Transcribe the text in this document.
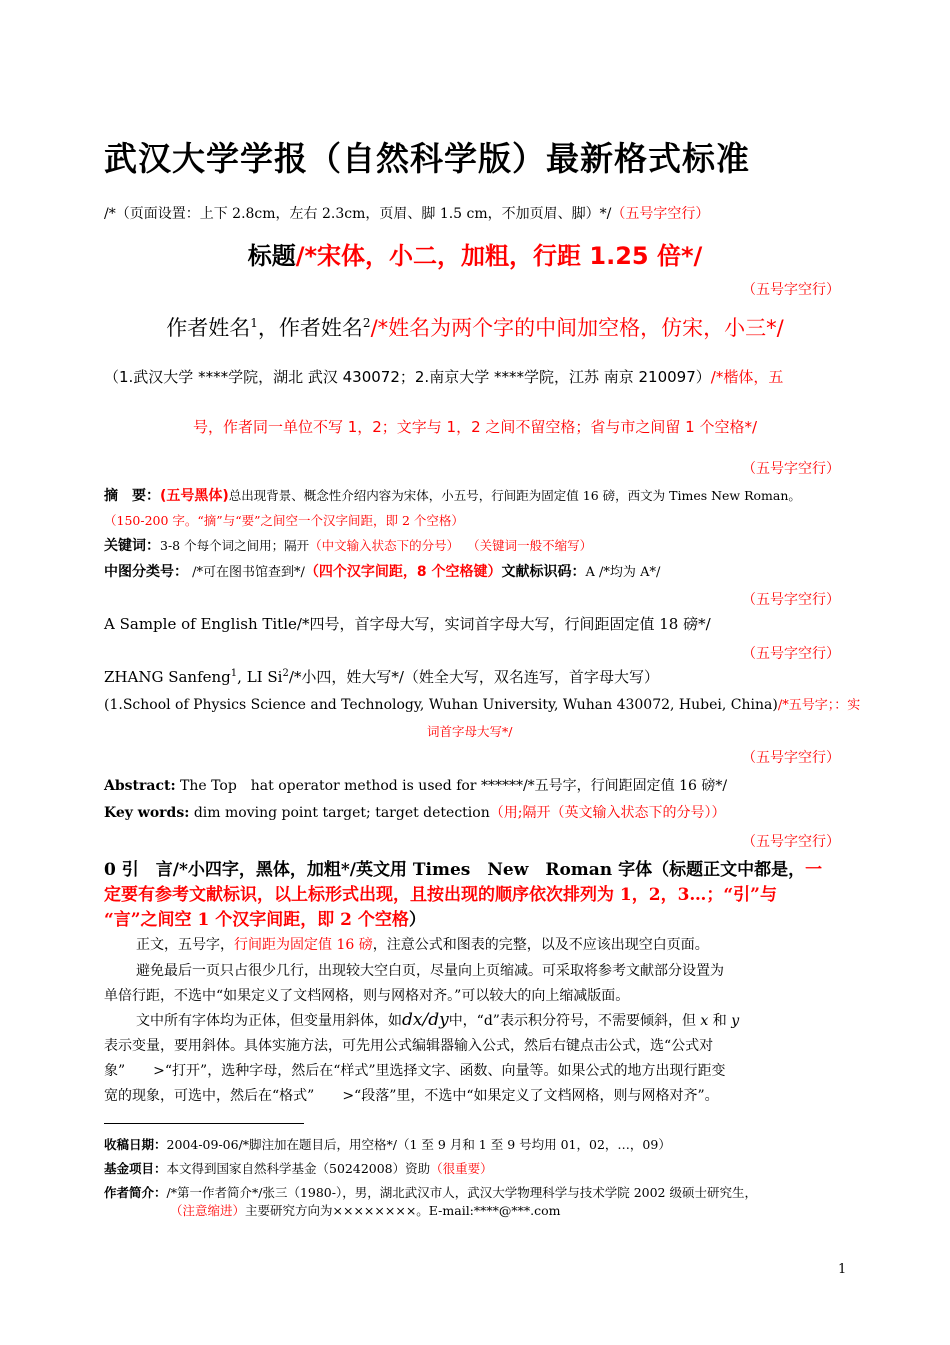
武汉大学学报（自然科学版）最新格式标准
/*（页面设置：上下 2.8cm，左右 2.3cm，页眉、脚 1.5 cm，不加页眉、脚）*/（五号字空行）
标题/*宋体，小二，加粗，行距 1.25 倍*/
（五号字空行）
作者姓名$^1$，作者姓名$^2$/*姓名为两个字的中间加空格，仿宋，小三*/
（1.武汉大学 ****学院，湖北 武汉 430072；2.南京大学 ****学院，江苏 南京 210097）/*楷体，五
号，作者同一单位不写 1，2；文字与 1，2 之间不留空格；省与市之间留 1 个空格*/
（五号字空行）
摘　要：(五号黑体)总出现背景、概念性介绍内容为宋体，小五号，行间距为固定值 16 磅，西文为 Times New Roman。
（150-200 字。“摘”与“要”之间空一个汉字间距，即 2 个空格）
关键词：3-8 个每个词之间用；隔开（中文输入状态下的分号） （关键词一般不缩写）
中图分类号： /*可在图书馆查到*/（四个汉字间距，8 个空格键）文献标识码：A /*均为 A*/
（五号字空行）
A Sample of English Title/*四号，首字母大写，实词首字母大写，行间距固定值 18 磅*/
（五号字空行）
ZHANG Sanfeng$^1$, LI Si$^2$/*小四，姓大写*/（姓全大写，双名连写，首字母大写）
(1.School of Physics Science and Technology, Wuhan University, Wuhan 430072, Hubei, China)/*五号字；：实
词首字母大写*/
（五号字空行）
Abstract: The Top　hat operator method is used for ******/*五号字，行间距固定值 16 磅*/
Key words: dim moving point target; target detection（用;隔开（英文输入状态下的分号））
（五号字空行）
0 引　言/*小四字，黑体，加粗*/英文用 Times　New　Roman 字体（标题正文中都是，一
定要有参考文献标识，以上标形式出现，且按出现的顺序依次排列为 1，2，3…；“引”与
“言”之间空 1 个汉字间距，即 2 个空格）
正文，五号字，行间距为固定值 16 磅，注意公式和图表的完整，以及不应该出现空白页面。
避免最后一页只占很少几行，出现较大空白页，尽量向上页缩减。可采取将参考文献部分设置为
单倍行距，不选中“如果定义了文档网格，则与网格对齐。”可以较大的向上缩减版面。
文中所有字体均为正体，但变量用斜体，如dx/dy中，“d”表示积分符号，不需要倾斜，但 x 和 y
表示变量，要用斜体。具体实施方法，可先用公式编辑器输入公式，然后右键点击公式，选“公式对
象”　　>“打开”，选种字母，然后在“样式”里选择文字、函数、向量等。如果公式的地方出现行距变
宽的现象，可选中，然后在“格式”　　>“段落”里，不选中“如果定义了文档网格，则与网格对齐”。
收稿日期：2004-09-06/*脚注加在题目后，用空格*/（1 至 9 月和 1 至 9 号均用 01，02，…，09）
基金项目：本文得到国家自然科学基金（50242008）资助（很重要）
作者简介：/*第一作者简介*/张三（1980-），男，湖北武汉市人，武汉大学物理科学与技术学院 2002 级硕士研究生，
（注意缩进）主要研究方向为××××××××。E-mail:****@***.com
1
